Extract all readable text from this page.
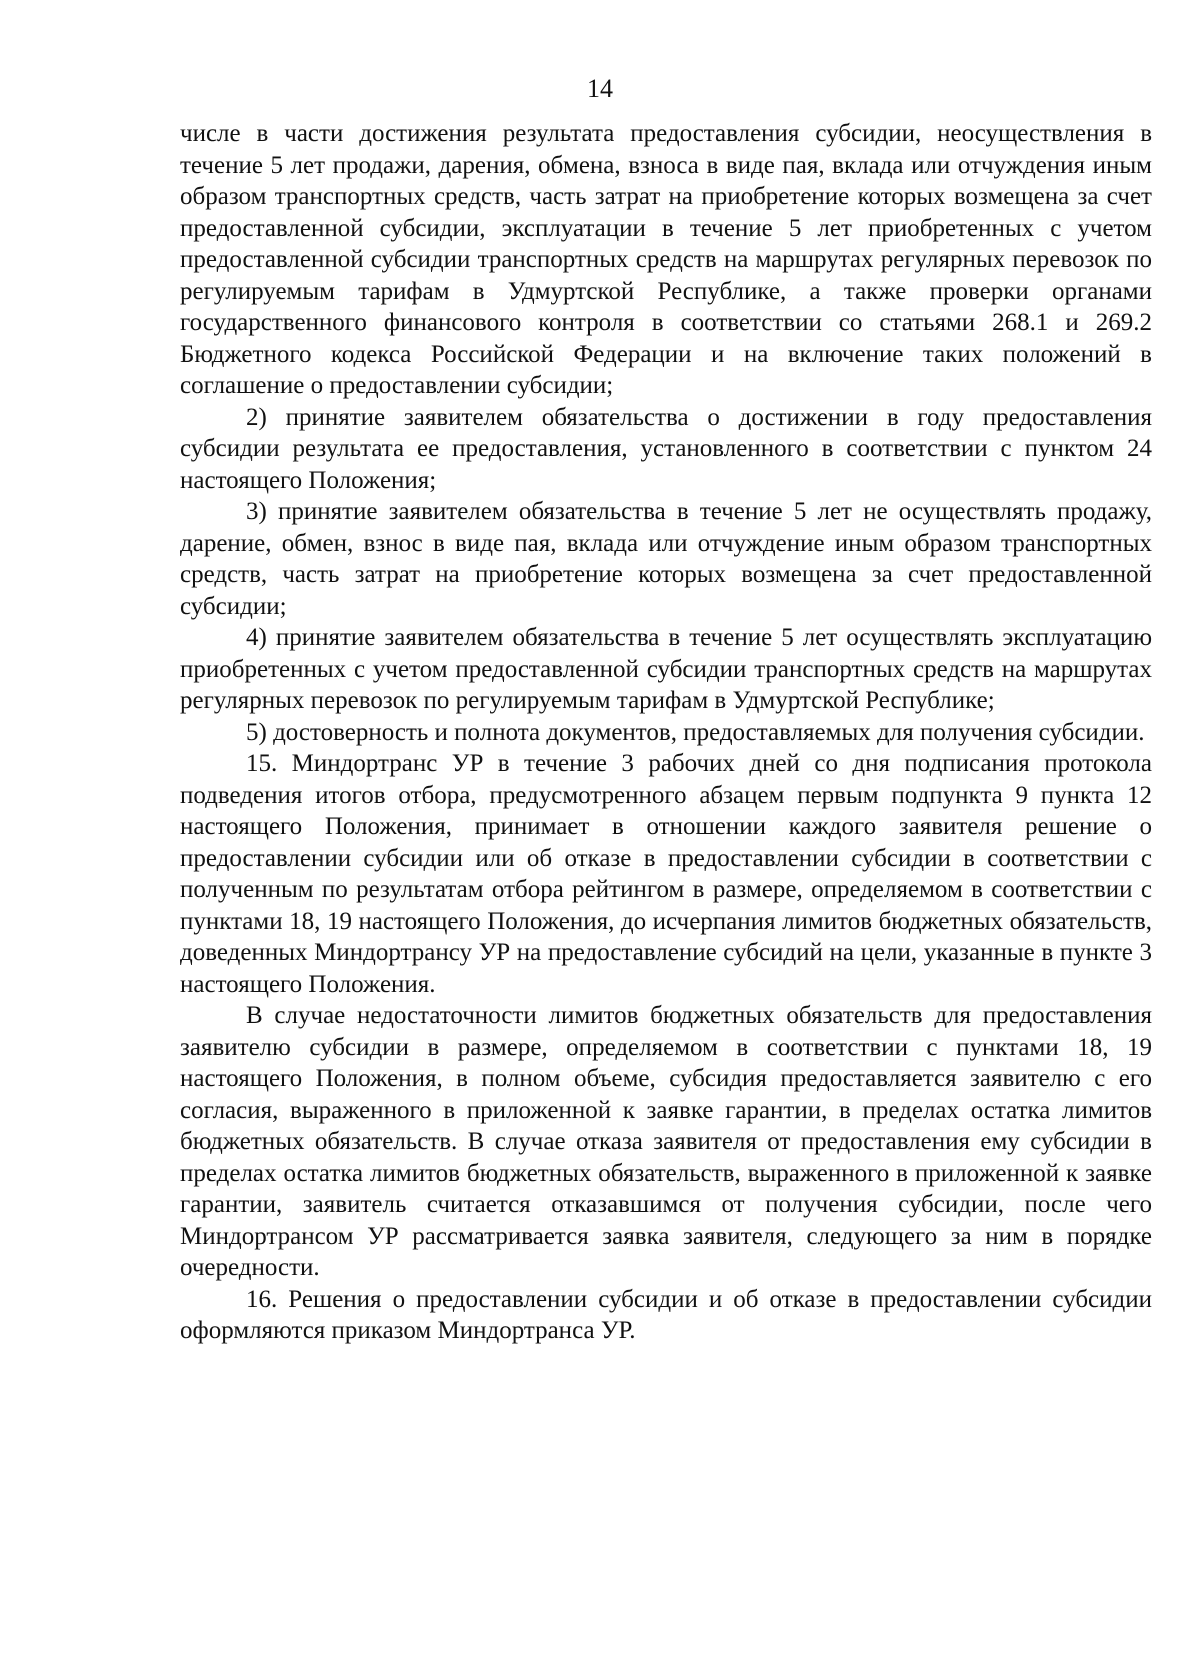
14

числе в части достижения результата предоставления субсидии, неосуществления в течение 5 лет продажи, дарения, обмена, взноса в виде пая, вклада или отчуждения иным образом транспортных средств, часть затрат на приобретение которых возмещена за счет предоставленной субсидии, эксплуатации в течение 5 лет приобретенных с учетом предоставленной субсидии транспортных средств на маршрутах регулярных перевозок по регулируемым тарифам в Удмуртской Республике, а также проверки органами государственного финансового контроля в соответствии со статьями 268.1 и 269.2 Бюджетного кодекса Российской Федерации и на включение таких положений в соглашение о предоставлении субсидии;

2) принятие заявителем обязательства о достижении в году предоставления субсидии результата ее предоставления, установленного в соответствии с пунктом 24 настоящего Положения;

3) принятие заявителем обязательства в течение 5 лет не осуществлять продажу, дарение, обмен, взнос в виде пая, вклада или отчуждение иным образом транспортных средств, часть затрат на приобретение которых возмещена за счет предоставленной субсидии;

4) принятие заявителем обязательства в течение 5 лет осуществлять эксплуатацию приобретенных с учетом предоставленной субсидии транспортных средств на маршрутах регулярных перевозок по регулируемым тарифам в Удмуртской Республике;

5) достоверность и полнота документов, предоставляемых для получения субсидии.

15. Миндортранс УР в течение 3 рабочих дней со дня подписания протокола подведения итогов отбора, предусмотренного абзацем первым подпункта 9 пункта 12 настоящего Положения, принимает в отношении каждого заявителя решение о предоставлении субсидии или об отказе в предоставлении субсидии в соответствии с полученным по результатам отбора рейтингом в размере, определяемом в соответствии с пунктами 18, 19 настоящего Положения, до исчерпания лимитов бюджетных обязательств, доведенных Миндортрансу УР на предоставление субсидий на цели, указанные в пункте 3 настоящего Положения.

В случае недостаточности лимитов бюджетных обязательств для предоставления заявителю субсидии в размере, определяемом в соответствии с пунктами 18, 19 настоящего Положения, в полном объеме, субсидия предоставляется заявителю с его согласия, выраженного в приложенной к заявке гарантии, в пределах остатка лимитов бюджетных обязательств. В случае отказа заявителя от предоставления ему субсидии в пределах остатка лимитов бюджетных обязательств, выраженного в приложенной к заявке гарантии, заявитель считается отказавшимся от получения субсидии, после чего Миндортрансом УР рассматривается заявка заявителя, следующего за ним в порядке очередности.

16. Решения о предоставлении субсидии и об отказе в предоставлении субсидии оформляются приказом Миндортранса УР.
